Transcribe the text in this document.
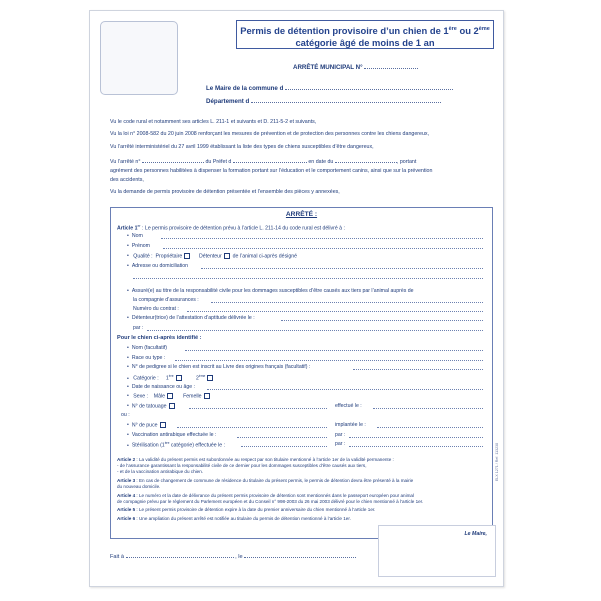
Permis de détention provisoire d’un chien de 1ère ou 2ème
catégorie âgé de moins de 1 an
ARRÊTÉ MUNICIPAL N°
Le Maire de la commune d
Département d
Vu le code rural et notamment ses articles L. 211-1 et suivants et D. 211-5-2 et suivants,
Vu la loi n° 2008-582 du 20 juin 2008 renforçant les mesures de prévention et de protection des personnes contre les chiens dangereux,
Vu l’arrêté interministériel du 27 avril 1999 établissant la liste des types de chiens susceptibles d’être dangereux,
Vu l’arrêté n°	du Préfet d	en date du	, portant
agrément des personnes habilitées à dispenser la formation portant sur l’éducation et le comportement canins, ainsi que sur la prévention
des accidents,
Vu la demande de permis provisoire de détention présentée et l’ensemble des pièces y annexées,
ARRÊTÉ :
Article 1er : Le permis provisoire de détention prévu à l’article L. 211-14 du code rural est délivré à :
• Nom
• Prénom
• Qualité : Propriétaire	Détenteur de l’animal ci-après désigné
• Adresse ou domiciliation
• Assuré(e) au titre de la responsabilité civile pour les dommages susceptibles d’être causés aux tiers par l’animal auprès de
la compagnie d’assurances :
Numéro du contrat :
• Détenteur(trice) de l’attestation d’aptitude délivrée le :
par :
Pour le chien ci-après identifié :
• Nom (facultatif)
• Race ou type :
• N° de pedigree si le chien est inscrit au Livre des origines français (facultatif) :
• Catégorie : 1ère	2ème
• Date de naissance ou âge :
• Sexe : Mâle	Femelle
• N° de tatouage	effectué le :
ou :
• N° de puce	implantée le :
• Vaccination antirabique effectuée le :	par :
• Stérilisation (1ère catégorie) effectuée le :	par :
Article 2 : La validité du présent permis est subordonnée au respect par son titulaire mentionné à l’article 1er de la validité permanente :
- de l’assurance garantissant la responsabilité civile de ce dernier pour les dommages susceptibles d’être causés aux tiers,
- et de la vaccination antirabique du chien.
Article 3 : En cas de changement de commune de résidence du titulaire du présent permis, le permis de détention devra être présenté à la mairie
du nouveau domicile.
Article 4 : Le numéro et la date de délivrance du présent permis provisoire de détention sont mentionnés dans le passeport européen pour animal
de compagnie prévu par le règlement du Parlement européen et du Conseil n° 998-2003 du 26 mai 2003 délivré pour le chien mentionné à l’article 1er.
Article 5 : Le présent permis provisoire de détention expire à la date du premier anniversaire du chien mentionné à l’article 1er.
Article 6 : Une ampliation du présent arrêté est notifiée au titulaire du permis de détention mentionné à l’article 1er.
Fait à	, le
Le Maire,
ELX 1271 / Ref. 113238
